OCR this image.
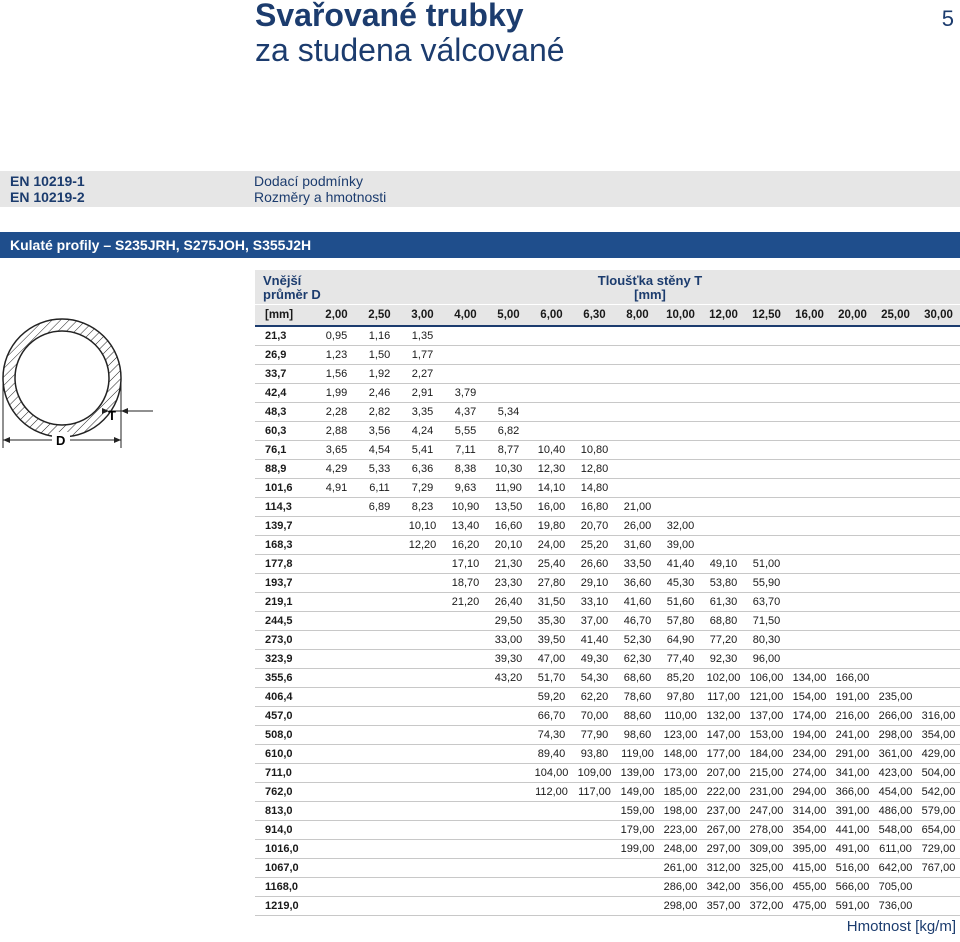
Svařované trubky
za studena válcované
5
EN 10219-1	Dodací podmínky
EN 10219-2	Rozměry a hmotnosti
Kulaté profily – S235JRH, S275JOH, S355J2H
T
D
Vnější
průměr D
Tloušťka stěny T
[mm]
[mm]	2,00	2,50	3,00	4,00	5,00	6,00	6,30	8,00	10,00	12,00	12,50	16,00	20,00	25,00	30,00
21,3	0,95	1,16	1,35												
26,9	1,23	1,50	1,77												
33,7	1,56	1,92	2,27												
42,4	1,99	2,46	2,91	3,79											
48,3	2,28	2,82	3,35	4,37	5,34										
60,3	2,88	3,56	4,24	5,55	6,82										
76,1	3,65	4,54	5,41	7,11	8,77	10,40	10,80								
88,9	4,29	5,33	6,36	8,38	10,30	12,30	12,80								
101,6	4,91	6,11	7,29	9,63	11,90	14,10	14,80								
114,3		6,89	8,23	10,90	13,50	16,00	16,80	21,00							
139,7			10,10	13,40	16,60	19,80	20,70	26,00	32,00						
168,3			12,20	16,20	20,10	24,00	25,20	31,60	39,00						
177,8				17,10	21,30	25,40	26,60	33,50	41,40	49,10	51,00				
193,7				18,70	23,30	27,80	29,10	36,60	45,30	53,80	55,90				
219,1				21,20	26,40	31,50	33,10	41,60	51,60	61,30	63,70				
244,5					29,50	35,30	37,00	46,70	57,80	68,80	71,50				
273,0					33,00	39,50	41,40	52,30	64,90	77,20	80,30				
323,9					39,30	47,00	49,30	62,30	77,40	92,30	96,00				
355,6					43,20	51,70	54,30	68,60	85,20	102,00	106,00	134,00	166,00		
406,4						59,20	62,20	78,60	97,80	117,00	121,00	154,00	191,00	235,00	
457,0						66,70	70,00	88,60	110,00	132,00	137,00	174,00	216,00	266,00	316,00
508,0						74,30	77,90	98,60	123,00	147,00	153,00	194,00	241,00	298,00	354,00
610,0						89,40	93,80	119,00	148,00	177,00	184,00	234,00	291,00	361,00	429,00
711,0						104,00	109,00	139,00	173,00	207,00	215,00	274,00	341,00	423,00	504,00
762,0						112,00	117,00	149,00	185,00	222,00	231,00	294,00	366,00	454,00	542,00
813,0								159,00	198,00	237,00	247,00	314,00	391,00	486,00	579,00
914,0								179,00	223,00	267,00	278,00	354,00	441,00	548,00	654,00
1016,0								199,00	248,00	297,00	309,00	395,00	491,00	611,00	729,00
1067,0									261,00	312,00	325,00	415,00	516,00	642,00	767,00
1168,0									286,00	342,00	356,00	455,00	566,00	705,00	
1219,0									298,00	357,00	372,00	475,00	591,00	736,00	
Hmotnost [kg/m]
